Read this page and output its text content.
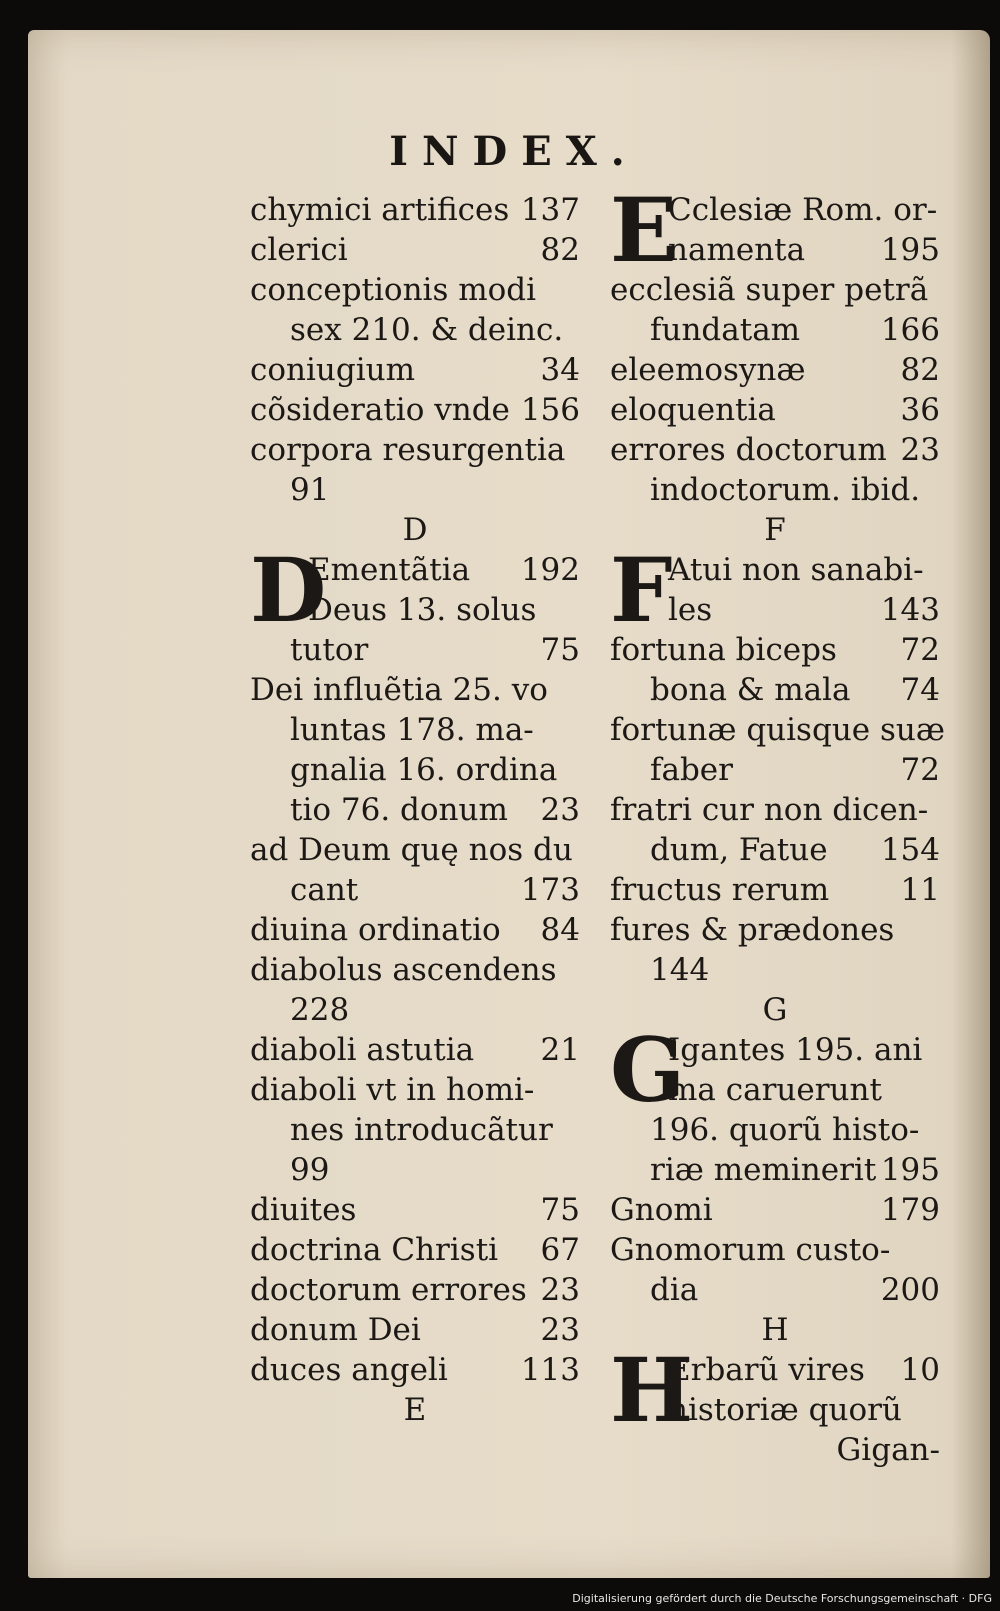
INDEX.
chymici artifices 137
clerici	82
conceptionis modi
sex 210. & deinc.
coniugium	34
cõsideratio vnde 156
corpora resurgentia
91
D
D
Ementãtia 192
Deus 13. solus
tutor	75
Dei influẽtia 25. vo
luntas 178. ma-
gnalia 16. ordina
tio 76. donum 23
ad Deum quę nos du
cant	173
diuina ordinatio 84
diabolus ascendens
228
diaboli astutia 21
diaboli vt in homi-
nes introducãtur
99
diuites	75
doctrina Christi 67
doctorum errores 23
donum Dei	23
duces angeli 113
E
E
Cclesiæ Rom. or-
namenta 195
ecclesiã super petrã
fundatam	166
eleemosynæ	82
eloquentia	36
errores doctorum 23
indoctorum. ibid.
F
F
Atui non sanabi-
les	143
fortuna biceps 72
bona & mala 74
fortunæ quisque suæ
faber	72
fratri cur non dicen-
dum, Fatue 154
fructus rerum 11
fures & prædones
144
G
G
Igantes 195. ani
ma caruerunt
196. quorũ histo-
riæ meminerit 195
Gnomi	179
Gnomorum custo-
dia	200
H
H
Erbarũ vires 10
historiæ quorũ
Gigan-
Digitalisierung gefördert durch die Deutsche Forschungsgemeinschaft · DFG
